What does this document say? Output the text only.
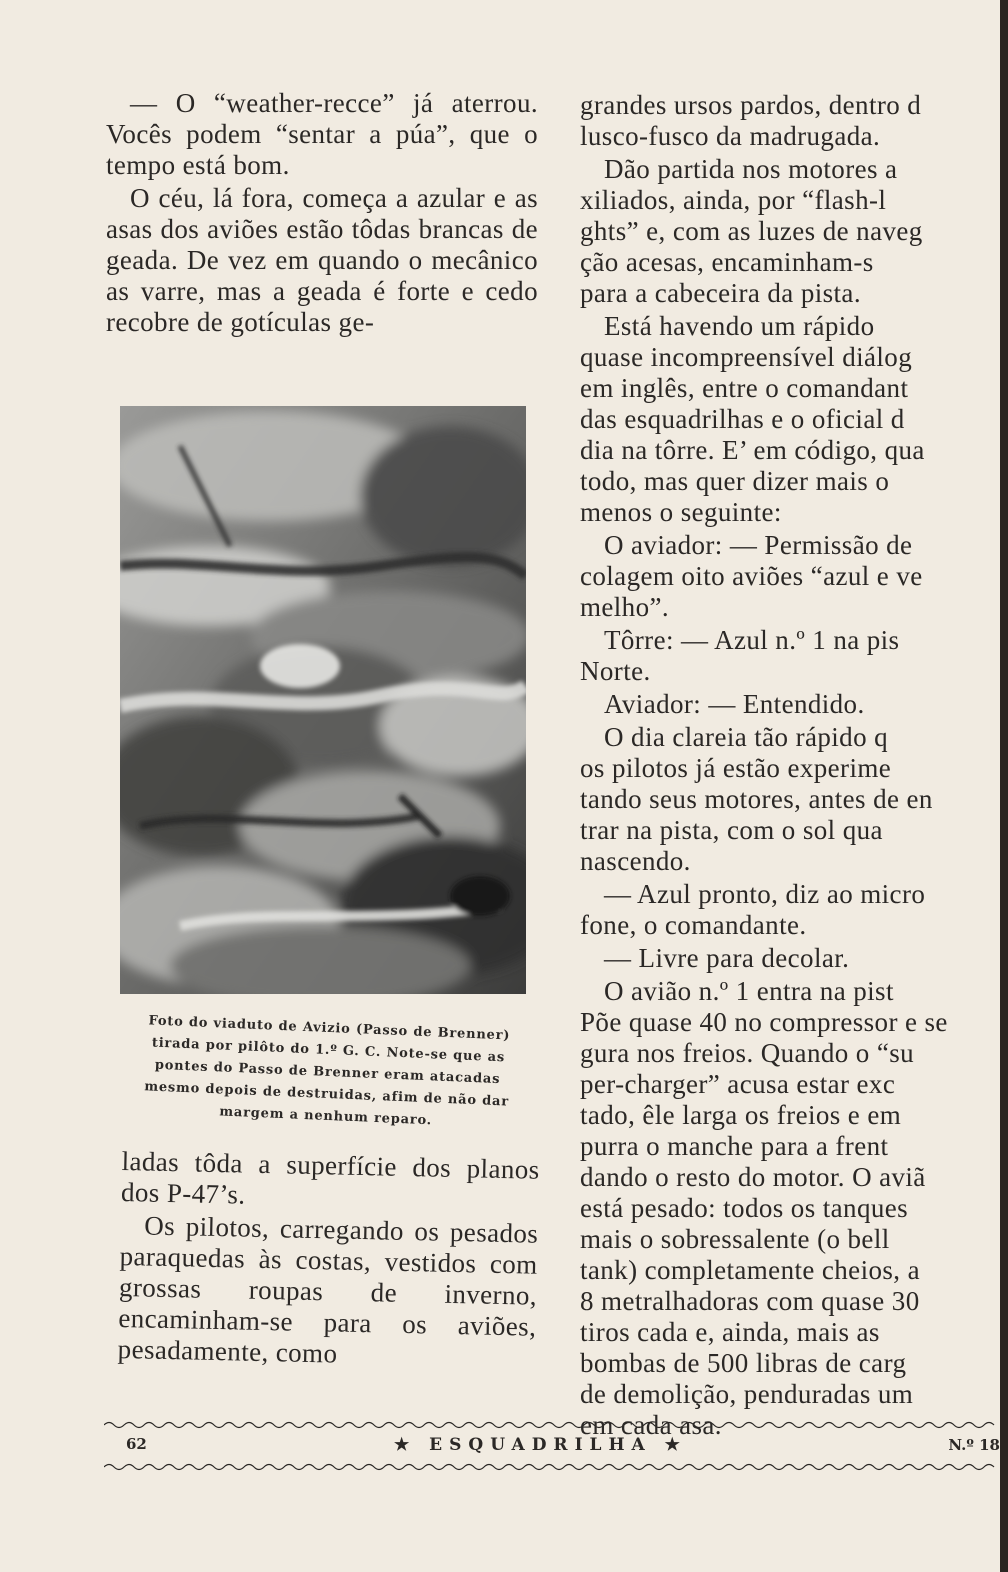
— O “weather-recce” já aterrou. Vocês podem “sentar a púa”, que o tempo está bom.

O céu, lá fora, começa a azular e as asas dos aviões estão tôdas brancas de geada. De vez em quando o mecânico as varre, mas a geada é forte e cedo recobre de gotículas ge-

Foto do viaduto de Avizio (Passo de Brenner) tirada por pilôto do 1.º G. C. Note-se que as pontes do Passo de Brenner eram atacadas mesmo depois de destruidas, afim de não dar margem a nenhum reparo.

ladas tôda a superfície dos planos dos P-47’s.

Os pilotos, carregando os pesados paraquedas às costas, vestidos com grossas roupas de inverno, encaminham-se para os aviões, pesadamente, como

grandes ursos pardos, dentro d
lusco-fusco da madrugada.

Dão partida nos motores a
xiliados, ainda, por “flash-l
ghts” e, com as luzes de naveg
ção acesas, encaminham-s
para a cabeceira da pista.

Está havendo um rápido
quase incompreensível diálog
em inglês, entre o comandant
das esquadrilhas e o oficial d
dia na tôrre. E’ em código, qua
todo, mas quer dizer mais o
menos o seguinte:

O aviador: — Permissão de
colagem oito aviões “azul e ve
melho”.

Tôrre: — Azul n.º 1 na pis
Norte.

Aviador: — Entendido.

O dia clareia tão rápido q
os pilotos já estão experime
tando seus motores, antes de en
trar na pista, com o sol qua
nascendo.

— Azul pronto, diz ao micro
fone, o comandante.

— Livre para decolar.

O avião n.º 1 entra na pist
Põe quase 40 no compressor e se
gura nos freios. Quando o “su
per-charger” acusa estar exc
tado, êle larga os freios e em
purra o manche para a frent
dando o resto do motor. O aviã
está pesado: todos os tanques
mais o sobressalente (o bell
tank) completamente cheios, a
8 metralhadoras com quase 30
tiros cada e, ainda, mais as
bombas de 500 libras de carg
de demolição, penduradas um
em cada asa.

62	★ ESQUADRILHA ★	N.º 18
